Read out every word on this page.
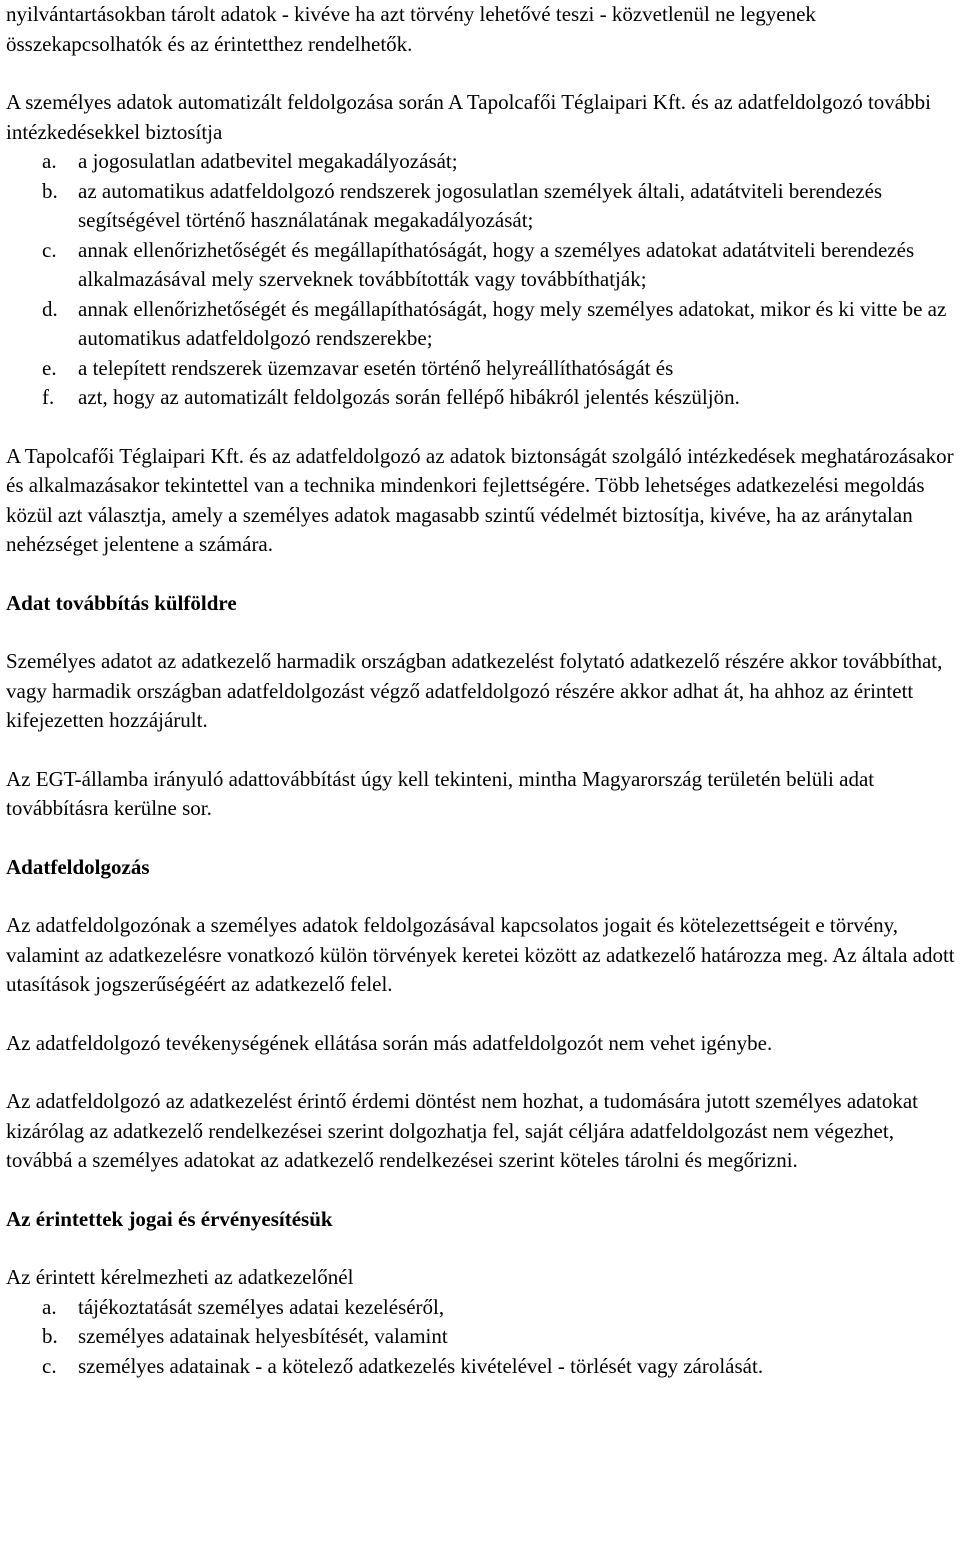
nyilvántartásokban tárolt adatok - kivéve ha azt törvény lehetővé teszi - közvetlenül ne legyenek összekapcsolhatók és az érintetthez rendelhetők.

A személyes adatok automatizált feldolgozása során A Tapolcafői Téglaipari Kft. és az adatfeldolgozó további intézkedésekkel biztosítja

a.	a jogosulatlan adatbevitel megakadályozását;
b. az automatikus adatfeldolgozó rendszerek jogosulatlan személyek általi, adatátviteli berendezés segítségével történő használatának megakadályozását;
c.	annak ellenőrizhetőségét és megállapíthatóságát, hogy a személyes adatokat adatátviteli berendezés alkalmazásával mely szerveknek továbbították vagy továbbíthatják;
d. annak ellenőrizhetőségét és megállapíthatóságát, hogy mely személyes adatokat, mikor és ki vitte be az automatikus adatfeldolgozó rendszerekbe;
e.	a telepített rendszerek üzemzavar esetén történő helyreállíthatóságát és
f.	azt, hogy az automatizált feldolgozás során fellépő hibákról jelentés készüljön.

A Tapolcafői Téglaipari Kft. és az adatfeldolgozó az adatok biztonságát szolgáló intézkedések meghatározásakor és alkalmazásakor tekintettel van a technika mindenkori fejlettségére. Több lehetséges adatkezelési megoldás közül azt választja, amely a személyes adatok magasabb szintű védelmét biztosítja, kivéve, ha az aránytalan nehézséget jelentene a számára.

Adat továbbítás külföldre

Személyes adatot az adatkezelő harmadik országban adatkezelést folytató adatkezelő részére akkor továbbíthat, vagy harmadik országban adatfeldolgozást végző adatfeldolgozó részére akkor adhat át, ha ahhoz az érintett kifejezetten hozzájárult.

Az EGT-állambа irányuló adattovábbítást úgy kell tekinteni, mintha Magyarország területén belüli adat továbbításra kerülne sor.

Adatfeldolgozás

Az adatfeldolgozónak a személyes adatok feldolgozásával kapcsolatos jogait és kötelezettségeit e törvény, valamint az adatkezelésre vonatkozó külön törvények keretei között az adatkezelő határozza meg. Az általa adott utasítások jogszerűségéért az adatkezelő felel.

Az adatfeldolgozó tevékenységének ellátása során más adatfeldolgozót nem vehet igénybe.

Az adatfeldolgozó az adatkezelést érintő érdemi döntést nem hozhat, a tudomására jutott személyes adatokat kizárólag az adatkezelő rendelkezései szerint dolgozhatja fel, saját céljára adatfeldolgozást nem végezhet, továbbá a személyes adatokat az adatkezelő rendelkezései szerint köteles tárolni és megőrizni.

Az érintettek jogai és érvényesítésük

Az érintett kérelmezheti az adatkezelőnél

a.	tájékoztatását személyes adatai kezeléséről,
b. személyes adatainak helyesbítését, valamint
c.	személyes adatainak - a kötelező adatkezelés kivételével - törlését vagy zárolását.
